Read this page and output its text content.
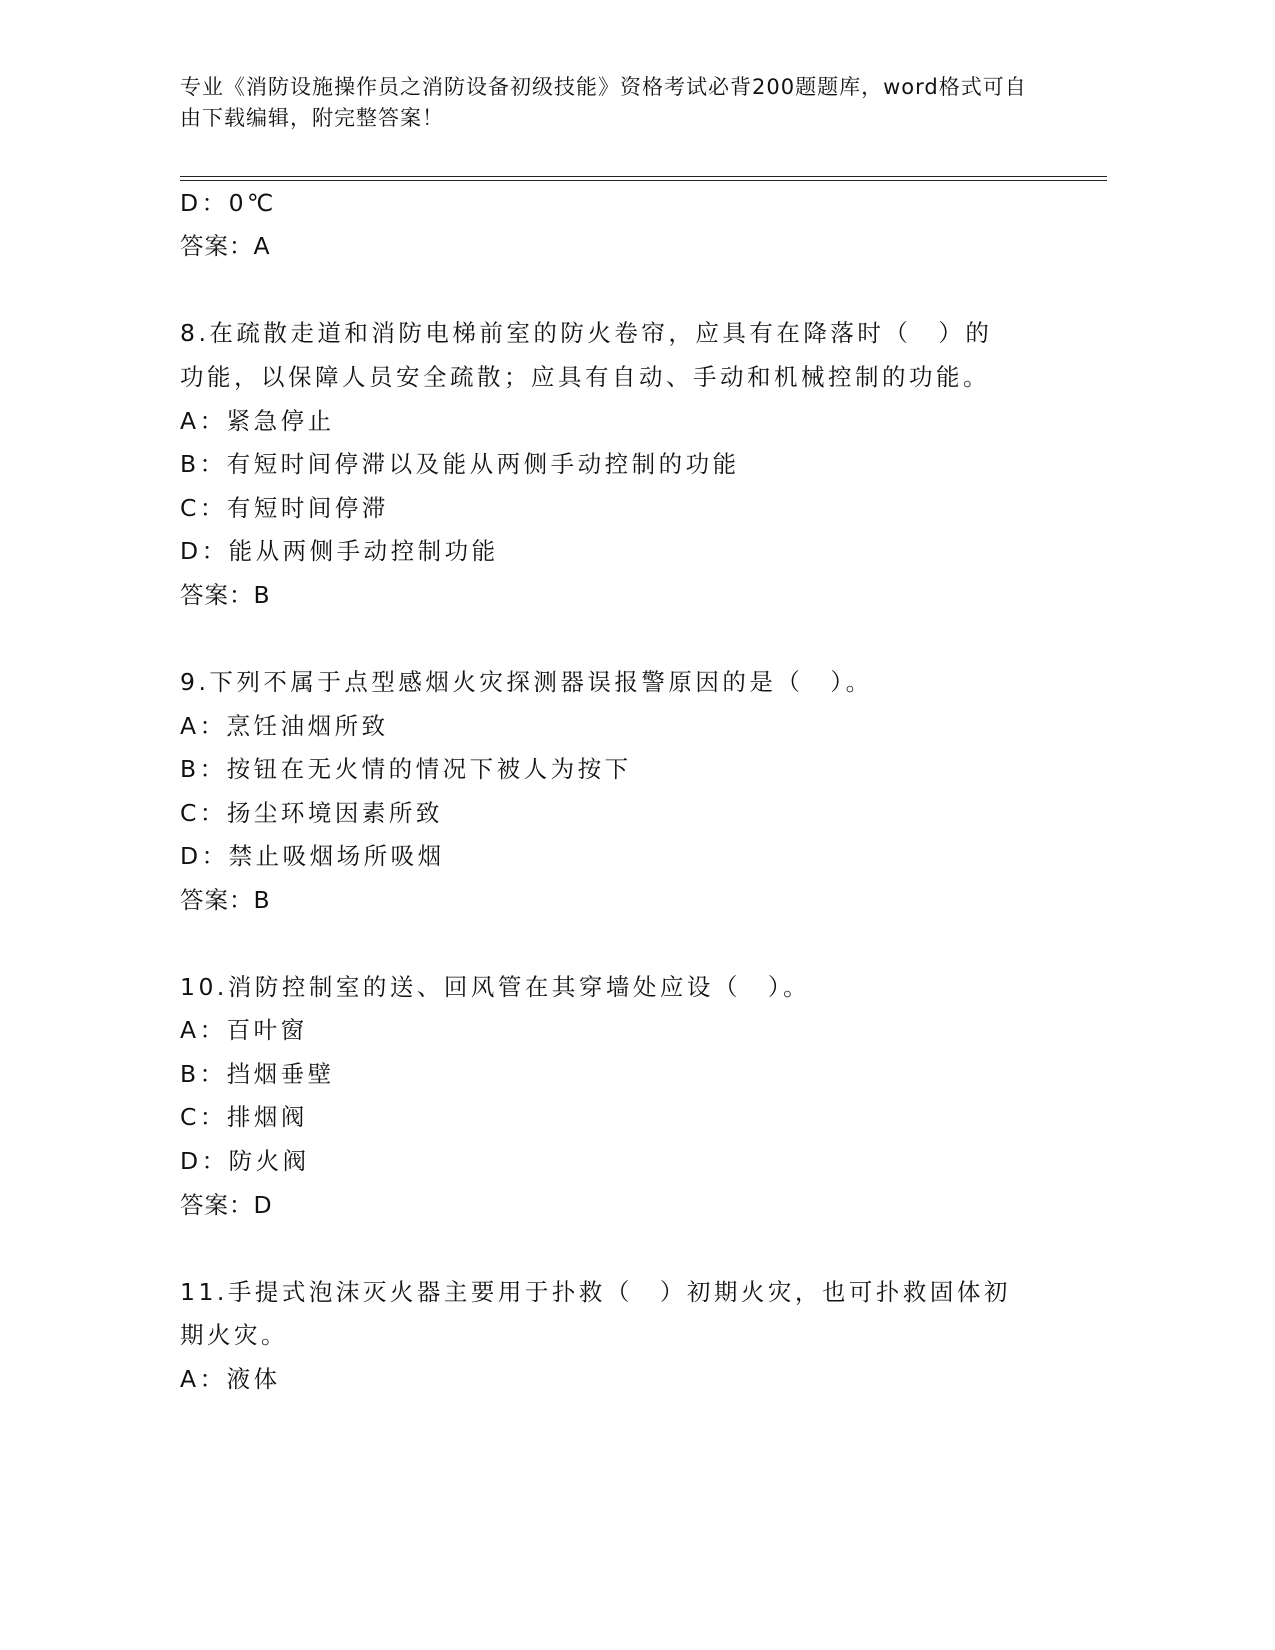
专业《消防设施操作员之消防设备初级技能》资格考试必背200题题库，word格式可自由下载编辑，附完整答案！

D：0℃

答案：A

8.在疏散走道和消防电梯前室的防火卷帘，应具有在降落时（　）的

功能，以保障人员安全疏散；应具有自动、手动和机械控制的功能。

A：紧急停止

B：有短时间停滞以及能从两侧手动控制的功能

C：有短时间停滞

D：能从两侧手动控制功能

答案：B

9.下列不属于点型感烟火灾探测器误报警原因的是（　）。

A：烹饪油烟所致

B：按钮在无火情的情况下被人为按下

C：扬尘环境因素所致

D：禁止吸烟场所吸烟

答案：B

10.消防控制室的送、回风管在其穿墙处应设（　）。

A：百叶窗

B：挡烟垂壁

C：排烟阀

D：防火阀

答案：D

11.手提式泡沫灭火器主要用于扑救（　）初期火灾，也可扑救固体初

期火灾。

A：液体
